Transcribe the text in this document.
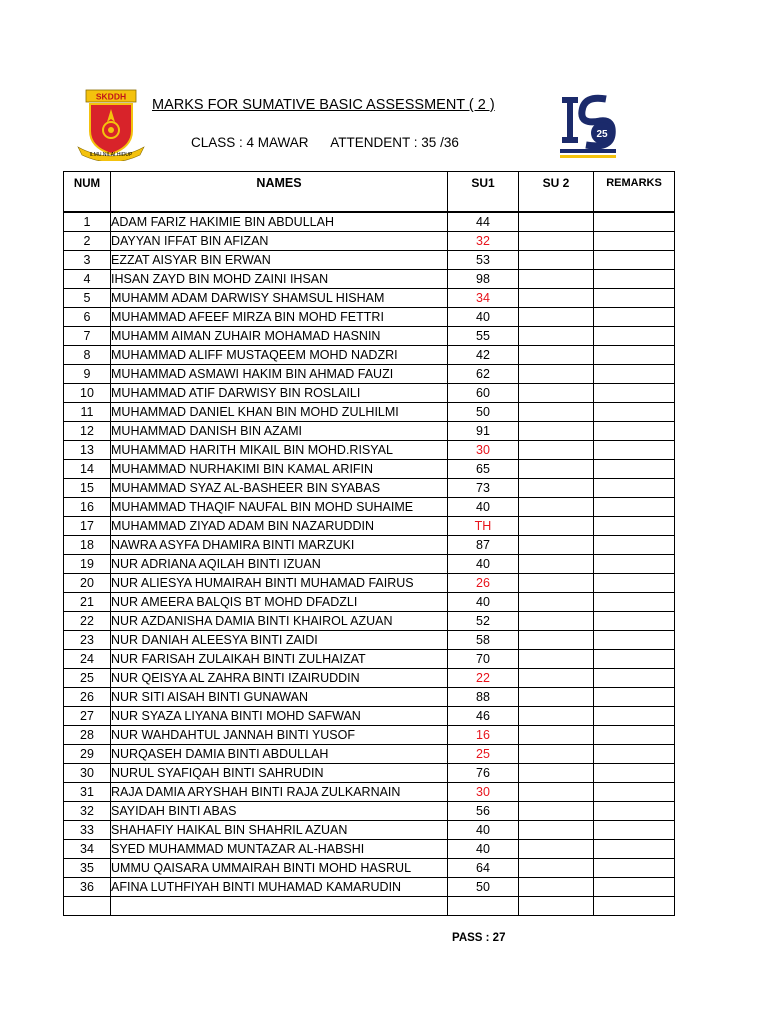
SKDDH
ILMU NILAI HIDUP
25
MARKS FOR SUMATIVE BASIC ASSESSMENT ( 2 )
CLASS : 4 MAWAR ATTENDENT : 35 /36
NUM	NAMES	SU1	SU 2	REMARKS
1	ADAM FARIZ HAKIMIE BIN ABDULLAH	44		
2	DAYYAN IFFAT BIN AFIZAN	32		
3	EZZAT AISYAR BIN ERWAN	53		
4	IHSAN ZAYD BIN MOHD ZAINI IHSAN	98		
5	MUHAMM ADAM DARWISY SHAMSUL HISHAM	34		
6	MUHAMMAD AFEEF MIRZA BIN MOHD FETTRI	40		
7	MUHAMM AIMAN ZUHAIR MOHAMAD HASNIN	55		
8	MUHAMMAD ALIFF MUSTAQEEM MOHD NADZRI	42		
9	MUHAMMAD ASMAWI HAKIM BIN AHMAD FAUZI	62		
10	MUHAMMAD ATIF DARWISY BIN ROSLAILI	60		
11	MUHAMMAD DANIEL KHAN BIN MOHD ZULHILMI	50		
12	MUHAMMAD DANISH BIN AZAMI	91		
13	MUHAMMAD HARITH MIKAIL BIN MOHD.RISYAL	30		
14	MUHAMMAD NURHAKIMI BIN KAMAL ARIFIN	65		
15	MUHAMMAD SYAZ AL-BASHEER BIN SYABAS	73		
16	MUHAMMAD THAQIF NAUFAL BIN MOHD SUHAIME	40		
17	MUHAMMAD ZIYAD ADAM BIN NAZARUDDIN	TH		
18	NAWRA ASYFA DHAMIRA BINTI MARZUKI	87		
19	NUR ADRIANA AQILAH BINTI IZUAN	40		
20	NUR ALIESYA HUMAIRAH BINTI MUHAMAD FAIRUS	26		
21	NUR AMEERA BALQIS BT MOHD DFADZLI	40		
22	NUR AZDANISHA DAMIA BINTI KHAIROL AZUAN	52		
23	NUR DANIAH ALEESYA BINTI ZAIDI	58		
24	NUR FARISAH ZULAIKAH BINTI ZULHAIZAT	70		
25	NUR QEISYA AL ZAHRA BINTI IZAIRUDDIN	22		
26	NUR SITI AISAH BINTI GUNAWAN	88		
27	NUR SYAZA LIYANA BINTI MOHD SAFWAN	46		
28	NUR WAHDAHTUL JANNAH BINTI YUSOF	16		
29	NURQASEH DAMIA BINTI ABDULLAH	25		
30	NURUL SYAFIQAH BINTI SAHRUDIN	76		
31	RAJA DAMIA ARYSHAH BINTI RAJA ZULKARNAIN	30		
32	SAYIDAH BINTI ABAS	56		
33	SHAHAFIY HAIKAL BIN SHAHRIL AZUAN	40		
34	SYED MUHAMMAD MUNTAZAR AL-HABSHI	40		
35	UMMU QAISARA UMMAIRAH BINTI MOHD HASRUL	64		
36	AFINA LUTHFIYAH BINTI MUHAMAD KAMARUDIN	50		

PASS : 27
